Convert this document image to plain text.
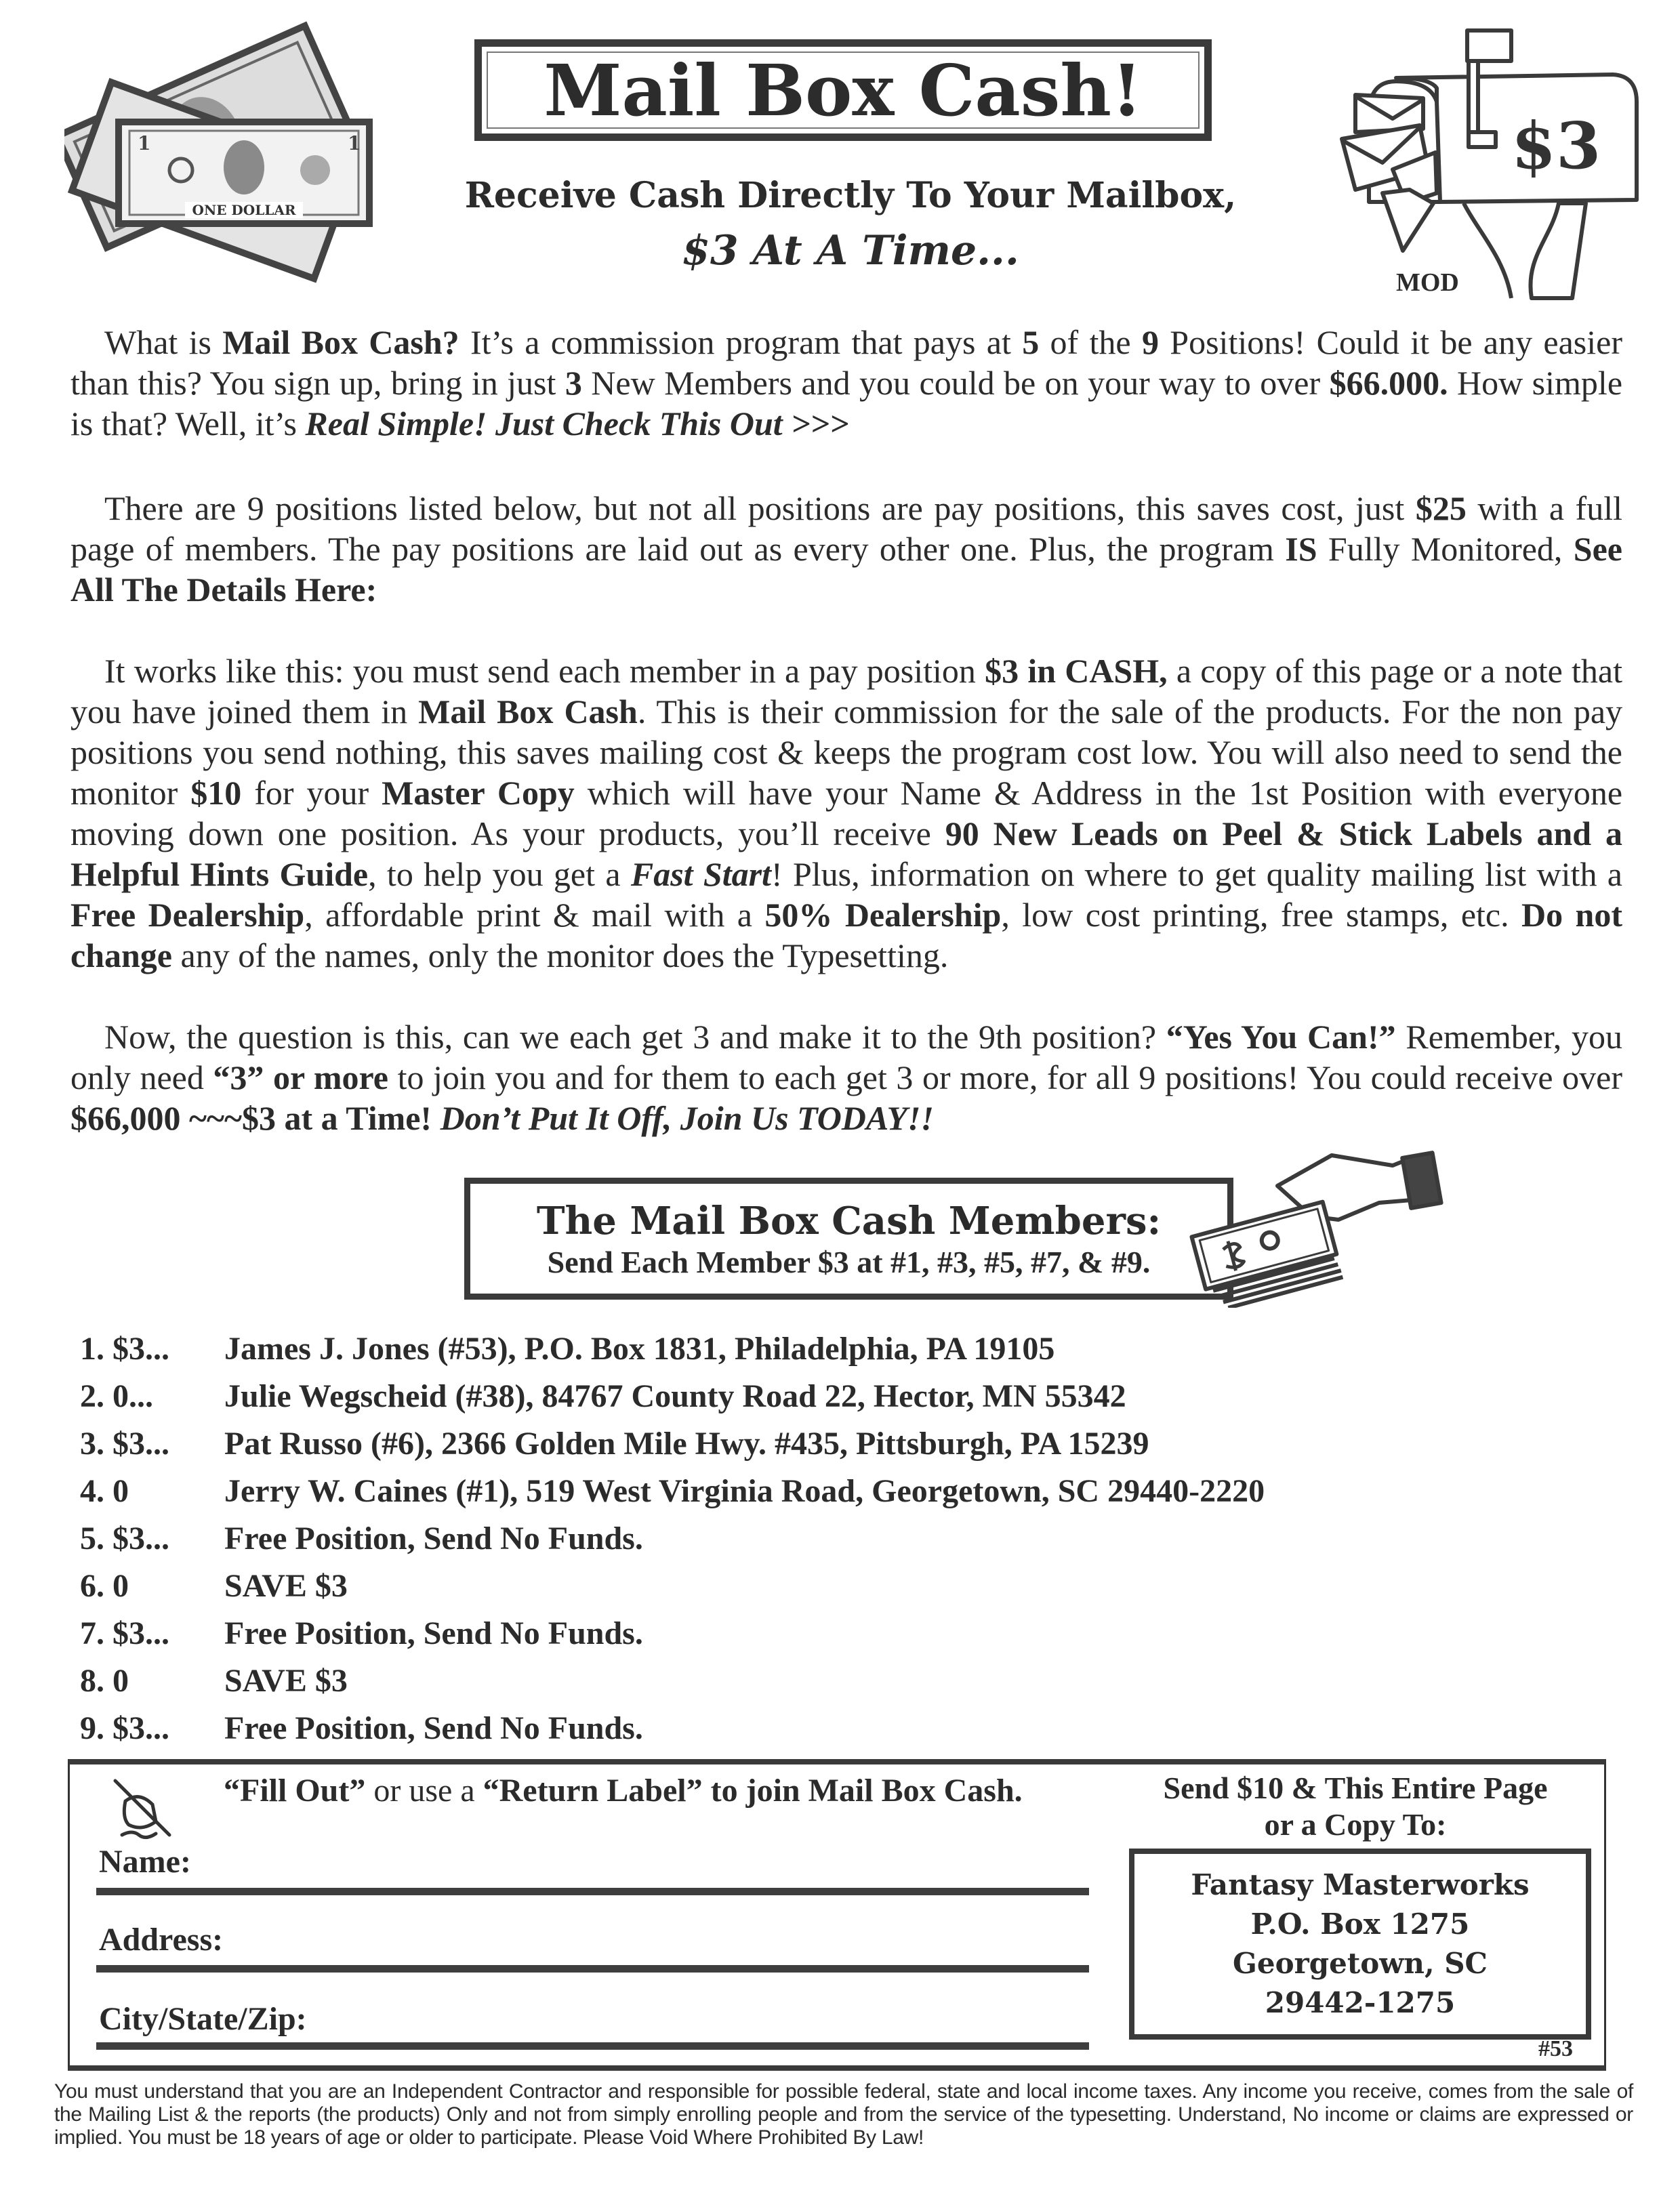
1	1
ONE DOLLAR
Mail Box Cash!
Receive Cash Directly To Your Mailbox,
$3 At A Time...
$3
MOD

What is Mail Box Cash? It’s a commission program that pays at 5 of the 9 Positions! Could it be any easier than this? You sign up, bring in just 3 New Members and you could be on your way to over $66.000. How simple is that? Well, it’s Real Simple! Just Check This Out >>>

There are 9 positions listed below, but not all positions are pay positions, this saves cost, just $25 with a full page of members. The pay positions are laid out as every other one. Plus, the program IS Fully Monitored, See All The Details Here:

It works like this: you must send each member in a pay position $3 in CASH, a copy of this page or a note that you have joined them in Mail Box Cash. This is their commission for the sale of the products. For the non pay positions you send nothing, this saves mailing cost & keeps the program cost low. You will also need to send the monitor $10 for your Master Copy which will have your Name & Address in the 1st Position with everyone moving down one position. As your products, you’ll receive 90 New Leads on Peel & Stick Labels and a Helpful Hints Guide, to help you get a Fast Start! Plus, information on where to get quality mailing list with a Free Dealership, affordable print & mail with a 50% Dealership, low cost printing, free stamps, etc. Do not change any of the names, only the monitor does the Typesetting.

Now, the question is this, can we each get 3 and make it to the 9th position? “Yes You Can!” Remember, you only need “3” or more to join you and for them to each get 3 or more, for all 9 positions! You could receive over $66,000 ~~~$3 at a Time! Don’t Put It Off, Join Us TODAY!!

The Mail Box Cash Members:
Send Each Member $3 at #1, #3, #5, #7, & #9.
1. $3...	James J. Jones (#53), P.O. Box 1831, Philadelphia, PA 19105
2. 0...	Julie Wegscheid (#38), 84767 County Road 22, Hector, MN 55342
3. $3...	Pat Russo (#6), 2366 Golden Mile Hwy. #435, Pittsburgh, PA 15239
4. 0	Jerry W. Caines (#1), 519 West Virginia Road, Georgetown, SC 29440-2220
5. $3...	Free Position, Send No Funds.
6. 0	SAVE $3
7. $3...	Free Position, Send No Funds.
8. 0	SAVE $3
9. $3...	Free Position, Send No Funds.
“Fill Out” or use a “Return Label” to join Mail Box Cash.
Name:
Address:
City/State/Zip:
Send $10 & This Entire Page
or a Copy To:
Fantasy Masterworks
P.O. Box 1275
Georgetown, SC
29442-1275
#53
You must understand that you are an Independent Contractor and responsible for possible federal, state and local income taxes. Any income you receive, comes from the sale of the Mailing List & the reports (the products) Only and not from simply enrolling people and from the service of the typesetting. Understand, No income or claims are expressed or implied. You must be 18 years of age or older to participate. Please Void Where Prohibited By Law!
